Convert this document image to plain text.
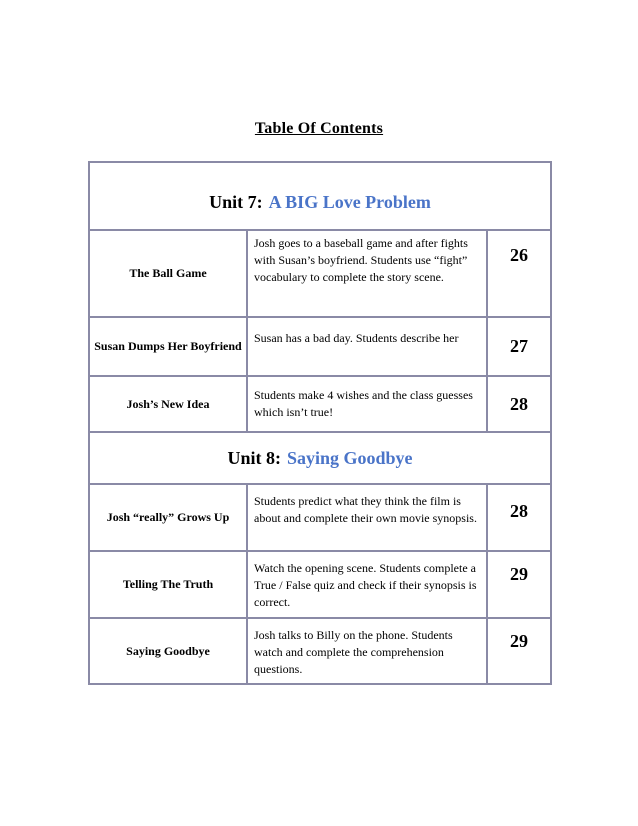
Table Of Contents
Unit 7: A BIG Love Problem		
The Ball Game	Josh goes to a baseball game and after fights with Susan’s boyfriend. Students use “fight” vocabulary to complete the story scene.	26
Susan Dumps Her Boyfriend	Susan has a bad day. Students describe her	27
Josh’s New Idea	Students make 4 wishes and the class guesses which isn’t true!	28
Unit 8: Saying Goodbye		
Josh “really” Grows Up	Students predict what they think the film is about and complete their own movie synopsis.	28
Telling The Truth	Watch the opening scene. Students complete a True / False quiz and check if their synopsis is correct.	29
Saying Goodbye	Josh talks to Billy on the phone. Students watch and complete the comprehension questions.	29
